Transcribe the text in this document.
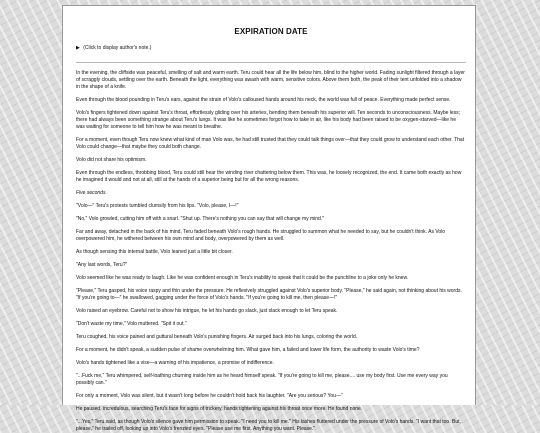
EXPIRATION DATE
▶ (Click to display author's note.)

In the evening, the cliffside was peaceful, smelling of salt and warm earth. Teru could hear all the life below him, blind to the higher world. Fading sunlight filtered through a layer of scraggly clouds, settling over the earth. Beneath the light, everything was awash with warm, sensitive colors. Above them both, the peak of their tent unfolded into a shadow in the shape of a knife.

Even through the blood pounding in Teru's ears, against the strain of Volo's calloused hands around his neck, the world was full of peace. Everything made perfect sense.

Volo's fingers tightened down against Teru's throat, effortlessly gliding over his arteries, bending them beneath his superior will. Ten seconds to unconsciousness. Maybe less; there had always been something strange about Teru's lungs. It was like he sometimes forgot how to take in air, like his body had been raised to be oxygen-starved—like he was waiting for someone to tell him how he was meant to breathe.

For a moment, even though Teru now knew what kind of man Volo was, he had still trusted that they could talk things over—that they could grow to understand each other. That Volo could change—that maybe they could both change.

Volo did not share his optimism.

Even through the endless, throbbing blood, Teru could still hear the winding river chattering below them. This was, he loosely recognized, the end. It came both exactly as how he imagined it would and not at all, still at the hands of a superior being but for all the wrong reasons.

Five seconds.

"Volo—" Teru's protests tumbled clumsily from his lips. "Volo, please, I—!"

"No," Volo growled, cutting him off with a snarl. "Shut up. There's nothing you can say that will change my mind."

Far and away, detached in the back of his mind, Teru faded beneath Volo's rough hands. He struggled to summon what he needed to say, but he couldn't think. As Volo overpowered him, he withered between his own mind and body, overpowered by them as well.

As though sensing this internal battle, Volo leaned just a little bit closer.

"Any last words, Teru?"

Volo seemed like he was ready to laugh. Like he was confident enough in Teru's inability to speak that it could be the punchline to a joke only he knew.

"Please," Teru gasped, his voice raspy and thin under the pressure. He reflexively struggled against Volo's superior body. "Please," he said again, not thinking about his words. "If you're going to—" he swallowed, gagging under the force of Volo's hands. "If you're going to kill me, then please—!"

Volo raised an eyebrow. Careful not to show his intrigue, he let his hands go slack, just slack enough to let Teru speak.

"Don't waste my time," Volo muttered. "Spit it out."

Teru coughed, his voice pained and guttural beneath Volo's punishing fingers. Air surged back into his lungs, coloring the world.

For a moment, he didn't speak, a sudden pulse of shame overwhelming him. What gave him, a failed and lower life form, the authority to waste Volo's time?

Volo's hands tightened like a vise—a warning of his impatience, a promise of indifference.

"...Fuck me," Teru whimpered, self-loathing churning inside him as he heard himself speak. "If you're going to kill me, please.... use my body first. Use me every way you possibly can."

For only a moment, Volo was silent, but it wasn't long before he couldn't hold back his laughter. "Are you serious? You—"

He paused, incredulous, searching Teru's face for signs of trickery, hands tightening against his throat once more. He found none.

"...Yes," Teru said, as though Volo's silence gave him permission to speak. "I need you to kill me." His lashes fluttered under the pressure of Volo's hands. "I want that too. But, please," he trailed off, looking up into Volo's frenzied eyes. "Please use me first. Anything you want. Please."
